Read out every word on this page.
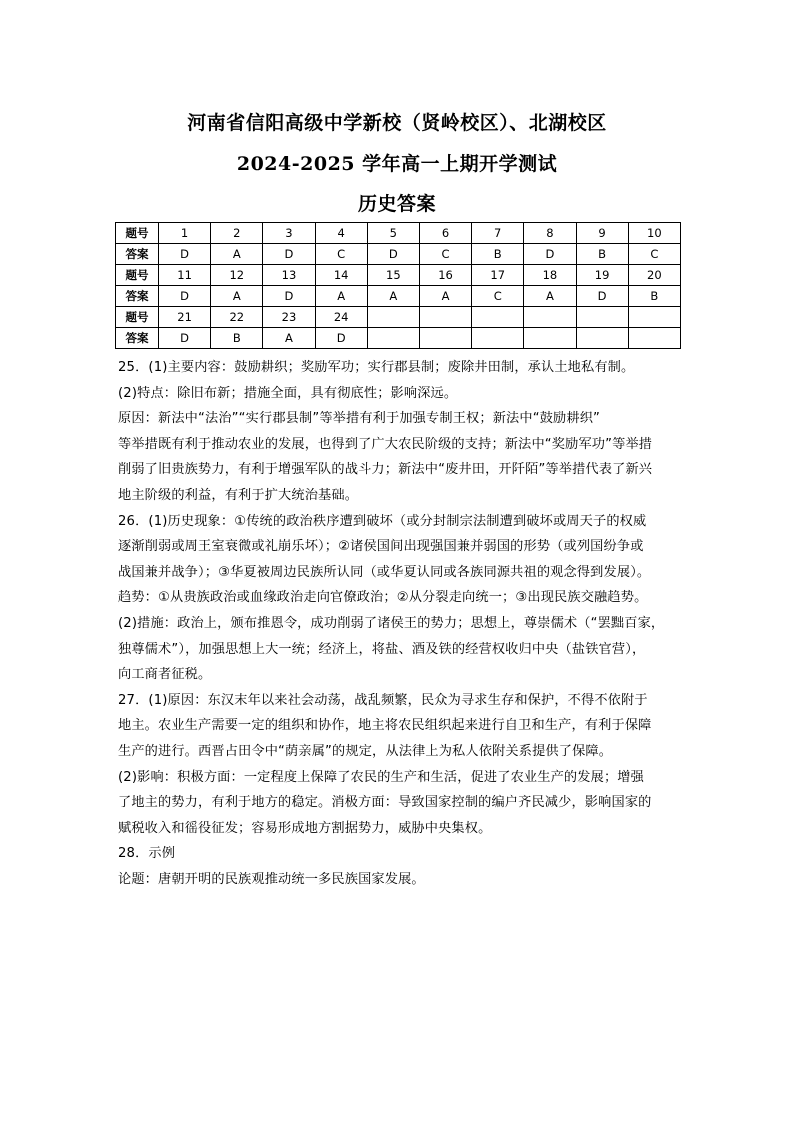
河南省信阳高级中学新校（贤岭校区）、北湖校区
2024-2025 学年高一上期开学测试
历史答案
题号	1	2	3	4	5	6	7	8	9	10
答案	D	A	D	C	D	C	B	D	B	C
题号	11	12	13	14	15	16	17	18	19	20
答案	D	A	D	A	A	A	C	A	D	B
题号	21	22	23	24						
答案	D	B	A	D						

25．(1)主要内容：鼓励耕织；奖励军功；实行郡县制；废除井田制，承认土地私有制。

(2)特点：除旧布新；措施全面，具有彻底性；影响深远。

原因：新法中“法治”“实行郡县制”等举措有利于加强专制王权；新法中“鼓励耕织”

等举措既有利于推动农业的发展，也得到了广大农民阶级的支持；新法中“奖励军功”等举措

削弱了旧贵族势力，有利于增强军队的战斗力；新法中“废井田，开阡陌”等举措代表了新兴

地主阶级的利益，有利于扩大统治基础。

26．(1)历史现象：①传统的政治秩序遭到破坏（或分封制宗法制遭到破坏或周天子的权威

逐渐削弱或周王室衰微或礼崩乐坏）；②诸侯国间出现强国兼并弱国的形势（或列国纷争或

战国兼并战争）；③华夏被周边民族所认同（或华夏认同或各族同源共祖的观念得到发展）。

趋势：①从贵族政治或血缘政治走向官僚政治；②从分裂走向统一；③出现民族交融趋势。

(2)措施：政治上，颁布推恩令，成功削弱了诸侯王的势力；思想上，尊崇儒术（“罢黜百家，

独尊儒术”），加强思想上大一统；经济上，将盐、酒及铁的经营权收归中央（盐铁官营），

向工商者征税。

27．(1)原因：东汉末年以来社会动荡，战乱频繁，民众为寻求生存和保护，不得不依附于

地主。农业生产需要一定的组织和协作，地主将农民组织起来进行自卫和生产，有利于保障

生产的进行。西晋占田令中“荫亲属”的规定，从法律上为私人依附关系提供了保障。

(2)影响：积极方面：一定程度上保障了农民的生产和生活，促进了农业生产的发展；增强

了地主的势力，有利于地方的稳定。消极方面：导致国家控制的编户齐民减少，影响国家的

赋税收入和徭役征发；容易形成地方割据势力，威胁中央集权。

28．示例

论题：唐朝开明的民族观推动统一多民族国家发展。
